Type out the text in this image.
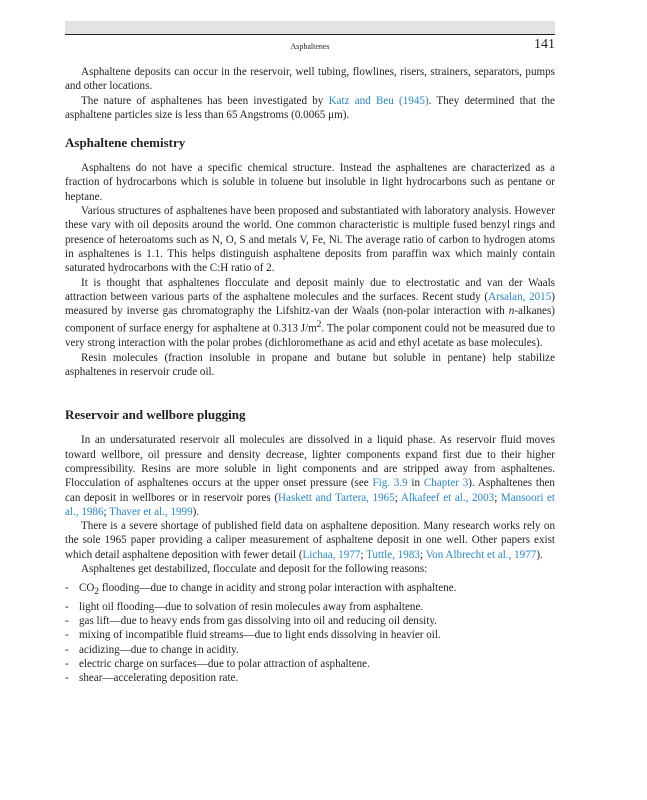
Asphaltenes	141

Asphaltene deposits can occur in the reservoir, well tubing, flowlines, risers, strainers, separators, pumps and other locations.

The nature of asphaltenes has been investigated by Katz and Beu (1945). They determined that the asphaltene particles size is less than 65 Angstroms (0.0065 μm).

Asphaltene chemistry

Asphaltens do not have a specific chemical structure. Instead the asphaltenes are characterized as a fraction of hydrocarbons which is soluble in toluene but insoluble in light hydrocarbons such as pentane or heptane.

Various structures of asphaltenes have been proposed and substantiated with laboratory analysis. However these vary with oil deposits around the world. One common characteristic is multiple fused benzyl rings and presence of heteroatoms such as N, O, S and metals V, Fe, Ni. The average ratio of carbon to hydrogen atoms in asphaltenes is 1.1. This helps distinguish asphaltene deposits from paraffin wax which mainly contain saturated hydrocarbons with the C:H ratio of 2.

It is thought that asphaltenes flocculate and deposit mainly due to electrostatic and van der Waals attraction between various parts of the asphaltene molecules and the surfaces. Recent study (Arsalan, 2015) measured by inverse gas chromatography the Lifshitz-van der Waals (non-polar interaction with n-alkanes) component of surface energy for asphaltene at 0.313 $J/m^2$. The polar component could not be measured due to very strong interaction with the polar probes (dichloromethane as acid and ethyl acetate as base molecules).

Resin molecules (fraction insoluble in propane and butane but soluble in pentane) help stabilize asphaltenes in reservoir crude oil.

Reservoir and wellbore plugging

In an undersaturated reservoir all molecules are dissolved in a liquid phase. As reservoir fluid moves toward wellbore, oil pressure and density decrease, lighter components expand first due to their higher compressibility. Resins are more soluble in light components and are stripped away from asphaltenes. Flocculation of asphaltenes occurs at the upper onset pressure (see Fig. 3.9 in Chapter 3). Asphaltenes then can deposit in wellbores or in reservoir pores (Haskett and Tartera, 1965; Alkafeef et al., 2003; Mansoori et al., 1986; Thaver et al., 1999).

There is a severe shortage of published field data on asphaltene deposition. Many research works rely on the sole 1965 paper providing a caliper measurement of asphaltene deposit in one well. Other papers exist which detail asphaltene deposition with fewer detail (Lichaa, 1977; Tuttle, 1983; Von Albrecht et al., 1977).

Asphaltenes get destabilized, flocculate and deposit for the following reasons:

- $CO_2$ flooding—due to change in acidity and strong polar interaction with asphaltene.
- light oil flooding—due to solvation of resin molecules away from asphaltene.
- gas lift—due to heavy ends from gas dissolving into oil and reducing oil density.
- mixing of incompatible fluid streams—due to light ends dissolving in heavier oil.
- acidizing—due to change in acidity.
- electric charge on surfaces—due to polar attraction of asphaltene.
- shear—accelerating deposition rate.
